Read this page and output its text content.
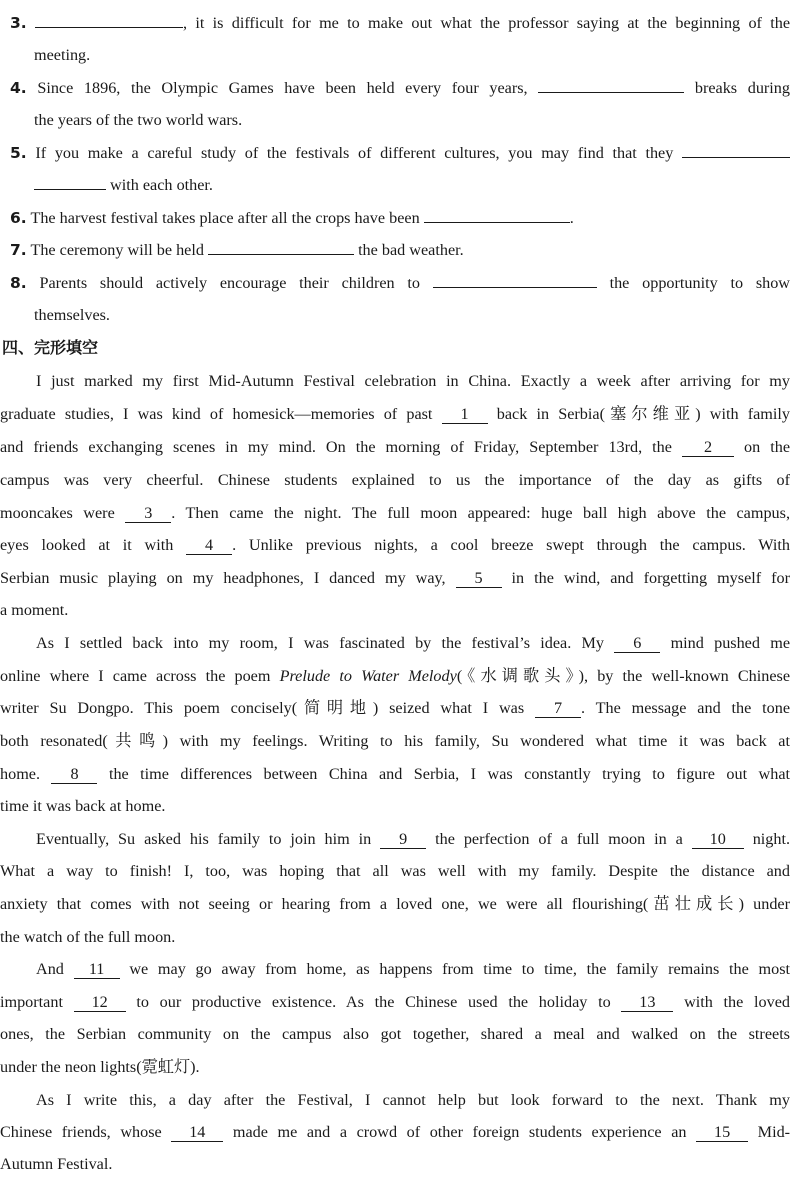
3.	, it is difficult for me to make out what the professor saying at the beginning of the
meeting.
4. Since 1896, the Olympic Games have been held every four years,	breaks during
the years of the two world wars.
5. If you make a careful study of the festivals of different cultures, you may find that they
with each other.
6. The harvest festival takes place after all the crops have been	.
7. The ceremony will be held	the bad weather.
8. Parents should actively encourage their children to	the opportunity to show
themselves.
四、完形填空
I just marked my first Mid-Autumn Festival celebration in China. Exactly a week after arriving for my
graduate studies, I was kind of homesick—memories of past 1 back in Serbia(塞尔维亚) with family
and friends exchanging scenes in my mind. On the morning of Friday, September 13rd, the 2 on the
campus was very cheerful. Chinese students explained to us the importance of the day as gifts of
mooncakes were 3 . Then came the night. The full moon appeared: huge ball high above the campus,
eyes looked at it with 4 . Unlike previous nights, a cool breeze swept through the campus. With
Serbian music playing on my headphones, I danced my way, 5 in the wind, and forgetting myself for
a moment.
As I settled back into my room, I was fascinated by the festival’s idea. My 6 mind pushed me
online where I came across the poem Prelude to Water Melody(《水调歌头》), by the well-known Chinese
writer Su Dongpo. This poem concisely(简明地) seized what I was 7 . The message and the tone
both resonated(共鸣) with my feelings. Writing to his family, Su wondered what time it was back at
home. 8 the time differences between China and Serbia, I was constantly trying to figure out what
time it was back at home.
Eventually, Su asked his family to join him in 9 the perfection of a full moon in a 10 night.
What a way to finish! I, too, was hoping that all was well with my family. Despite the distance and
anxiety that comes with not seeing or hearing from a loved one, we were all flourishing(茁壮成长) under
the watch of the full moon.
And 11 we may go away from home, as happens from time to time, the family remains the most
important 12 to our productive existence. As the Chinese used the holiday to 13 with the loved
ones, the Serbian community on the campus also got together, shared a meal and walked on the streets
under the neon lights(霓虹灯).
As I write this, a day after the Festival, I cannot help but look forward to the next. Thank my
Chinese friends, whose 14 made me and a crowd of other foreign students experience an 15 Mid-
Autumn Festival.
